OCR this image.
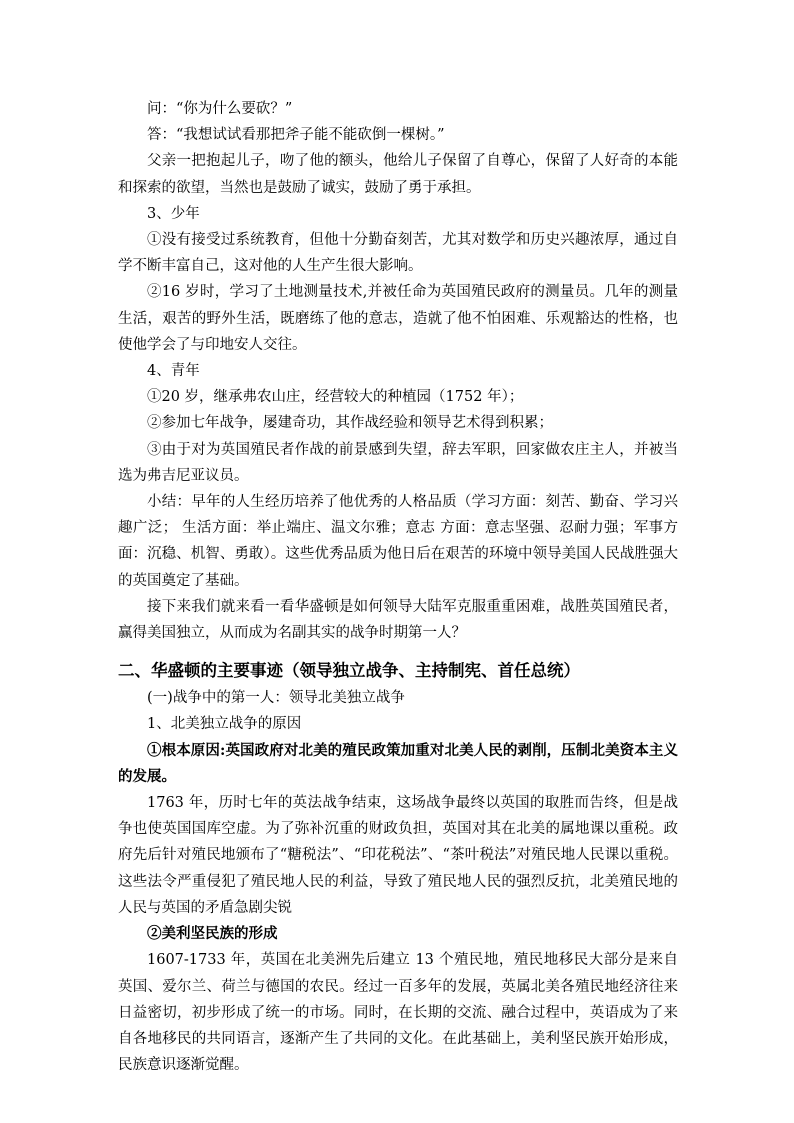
问：“你为什么要砍？”

答：“我想试试看那把斧子能不能砍倒一棵树。”

父亲一把抱起儿子，吻了他的额头，他给儿子保留了自尊心，保留了人好奇的本能和探索的欲望，当然也是鼓励了诚实，鼓励了勇于承担。

3、少年

①没有接受过系统教育，但他十分勤奋刻苦，尤其对数学和历史兴趣浓厚，通过自学不断丰富自己，这对他的人生产生很大影响。

②16 岁时，学习了土地测量技术,并被任命为英国殖民政府的测量员。几年的测量生活，艰苦的野外生活，既磨练了他的意志，造就了他不怕困难、乐观豁达的性格，也使他学会了与印地安人交往。

4、青年

①20 岁，继承弗农山庄，经营较大的种植园（1752 年）；

②参加七年战争，屡建奇功，其作战经验和领导艺术得到积累；

③由于对为英国殖民者作战的前景感到失望，辞去军职，回家做农庄主人，并被当选为弗吉尼亚议员。

小结：早年的人生经历培养了他优秀的人格品质（学习方面：刻苦、勤奋、学习兴趣广泛； 生活方面：举止端庄、温文尔雅；意志 方面：意志坚强、忍耐力强；军事方面：沉稳、机智、勇敢）。这些优秀品质为他日后在艰苦的环境中领导美国人民战胜强大的英国奠定了基础。

接下来我们就来看一看华盛顿是如何领导大陆军克服重重困难，战胜英国殖民者，赢得美国独立，从而成为名副其实的战争时期第一人？

二、华盛顿的主要事迹（领导独立战争、主持制宪、首任总统）

(一)战争中的第一人：领导北美独立战争

1、北美独立战争的原因

①根本原因:英国政府对北美的殖民政策加重对北美人民的剥削，压制北美资本主义的发展。

1763 年，历时七年的英法战争结束，这场战争最终以英国的取胜而告终，但是战争也使英国国库空虚。为了弥补沉重的财政负担，英国对其在北美的属地课以重税。政府先后针对殖民地颁布了“糖税法”、“印花税法”、“茶叶税法”对殖民地人民课以重税。这些法令严重侵犯了殖民地人民的利益，导致了殖民地人民的强烈反抗，北美殖民地的人民与英国的矛盾急剧尖锐

②美利坚民族的形成

1607-1733 年，英国在北美洲先后建立 13 个殖民地，殖民地移民大部分是来自英国、爱尔兰、荷兰与德国的农民。经过一百多年的发展，英属北美各殖民地经济往来日益密切，初步形成了统一的市场。同时，在长期的交流、融合过程中，英语成为了来自各地移民的共同语言，逐渐产生了共同的文化。在此基础上，美利坚民族开始形成，民族意识逐渐觉醒。
